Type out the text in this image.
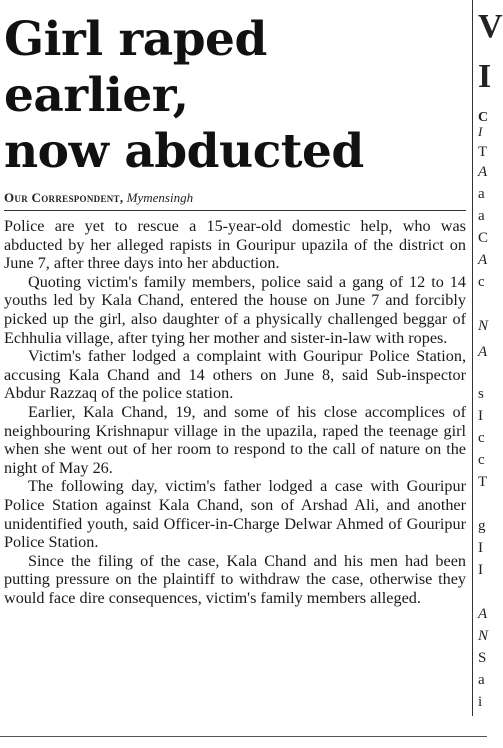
Girl raped earlier,
now abducted
Our Correspondent, Mymensingh

Police are yet to rescue a 15-year-old domestic help, who was abducted by her alleged rapists in Gouripur upazila of the district on June 7, after three days into her abduction.

Quoting victim's family members, police said a gang of 12 to 14 youths led by Kala Chand, entered the house on June 7 and forcibly picked up the girl, also daughter of a physically challenged beggar of Echhulia village, after tying her mother and sister-in-law with ropes.

Victim's father lodged a complaint with Gouripur Police Station, accusing Kala Chand and 14 others on June 8, said Sub-inspector Abdur Razzaq of the police station.

Earlier, Kala Chand, 19, and some of his close accomplices of neighbouring Krishnapur village in the upazila, raped the teenage girl when she went out of her room to respond to the call of nature on the night of May 26.

The following day, victim's father lodged a case with Gouripur Police Station against Kala Chand, son of Arshad Ali, and another unidentified youth, said Officer-in-Charge Delwar Ahmed of Gouripur Police Station.

Since the filing of the case, Kala Chand and his men had been putting pressure on the plaintiff to withdraw the case, otherwise they would face dire consequences, victim's family members alleged.

V
I
C
I
T
A
a
a
C
A
c
N
A
s
I
c
c
T
g
I
I
A
N
S
a
i
